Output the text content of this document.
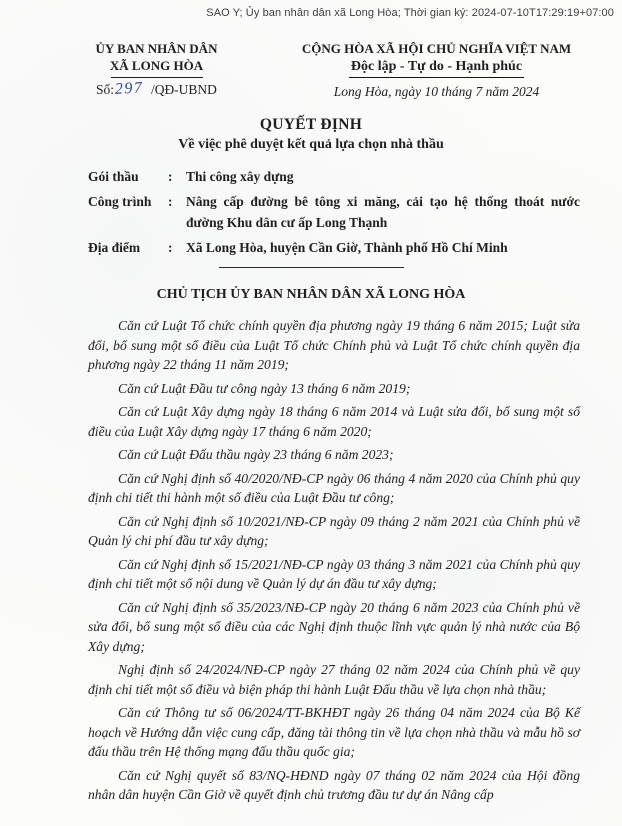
SAO Y; Ủy ban nhân dân xã Long Hòa; Thời gian ký: 2024-07-10T17:29:19+07:00
ỦY BAN NHÂN DÂN
XÃ LONG HÒA
Số:297 /QĐ-UBND
CỘNG HÒA XÃ HỘI CHỦ NGHĨA VIỆT NAM
Độc lập - Tự do - Hạnh phúc
Long Hòa, ngày 10 tháng 7 năm 2024
QUYẾT ĐỊNH
Về việc phê duyệt kết quả lựa chọn nhà thầu
Gói thầu	:	Thi công xây dựng
Công trình	:	Nâng cấp đường bê tông xi măng, cải tạo hệ thống thoát nước đường Khu dân cư ấp Long Thạnh
Địa điểm	:	Xã Long Hòa, huyện Cần Giờ, Thành phố Hồ Chí Minh
CHỦ TỊCH ỦY BAN NHÂN DÂN XÃ LONG HÒA

Căn cứ Luật Tổ chức chính quyền địa phương ngày 19 tháng 6 năm 2015; Luật sửa đổi, bổ sung một số điều của Luật Tổ chức Chính phủ và Luật Tổ chức chính quyền địa phương ngày 22 tháng 11 năm 2019;

Căn cứ Luật Đầu tư công ngày 13 tháng 6 năm 2019;

Căn cứ Luật Xây dựng ngày 18 tháng 6 năm 2014 và Luật sửa đổi, bổ sung một số điều của Luật Xây dựng ngày 17 tháng 6 năm 2020;

Căn cứ Luật Đấu thầu ngày 23 tháng 6 năm 2023;

Căn cứ Nghị định số 40/2020/NĐ-CP ngày 06 tháng 4 năm 2020 của Chính phủ quy định chi tiết thi hành một số điều của Luật Đầu tư công;

Căn cứ Nghị định số 10/2021/NĐ-CP ngày 09 tháng 2 năm 2021 của Chính phủ về Quản lý chi phí đầu tư xây dựng;

Căn cứ Nghị định số 15/2021/NĐ-CP ngày 03 tháng 3 năm 2021 của Chính phủ quy định chi tiết một số nội dung về Quản lý dự án đầu tư xây dựng;

Căn cứ Nghị định số 35/2023/NĐ-CP ngày 20 tháng 6 năm 2023 của Chính phủ về sửa đổi, bổ sung một số điều của các Nghị định thuộc lĩnh vực quản lý nhà nước của Bộ Xây dựng;

Nghị định số 24/2024/NĐ-CP ngày 27 tháng 02 năm 2024 của Chính phủ về quy định chi tiết một số điều và biện pháp thi hành Luật Đấu thầu về lựa chọn nhà thầu;

Căn cứ Thông tư số 06/2024/TT-BKHĐT ngày 26 tháng 04 năm 2024 của Bộ Kế hoạch về Hướng dẫn việc cung cấp, đăng tải thông tin về lựa chọn nhà thầu và mẫu hồ sơ đấu thầu trên Hệ thống mạng đấu thầu quốc gia;

Căn cứ Nghị quyết số 83/NQ-HĐND ngày 07 tháng 02 năm 2024 của Hội đồng nhân dân huyện Cần Giờ về quyết định chủ trương đầu tư dự án Nâng cấp
